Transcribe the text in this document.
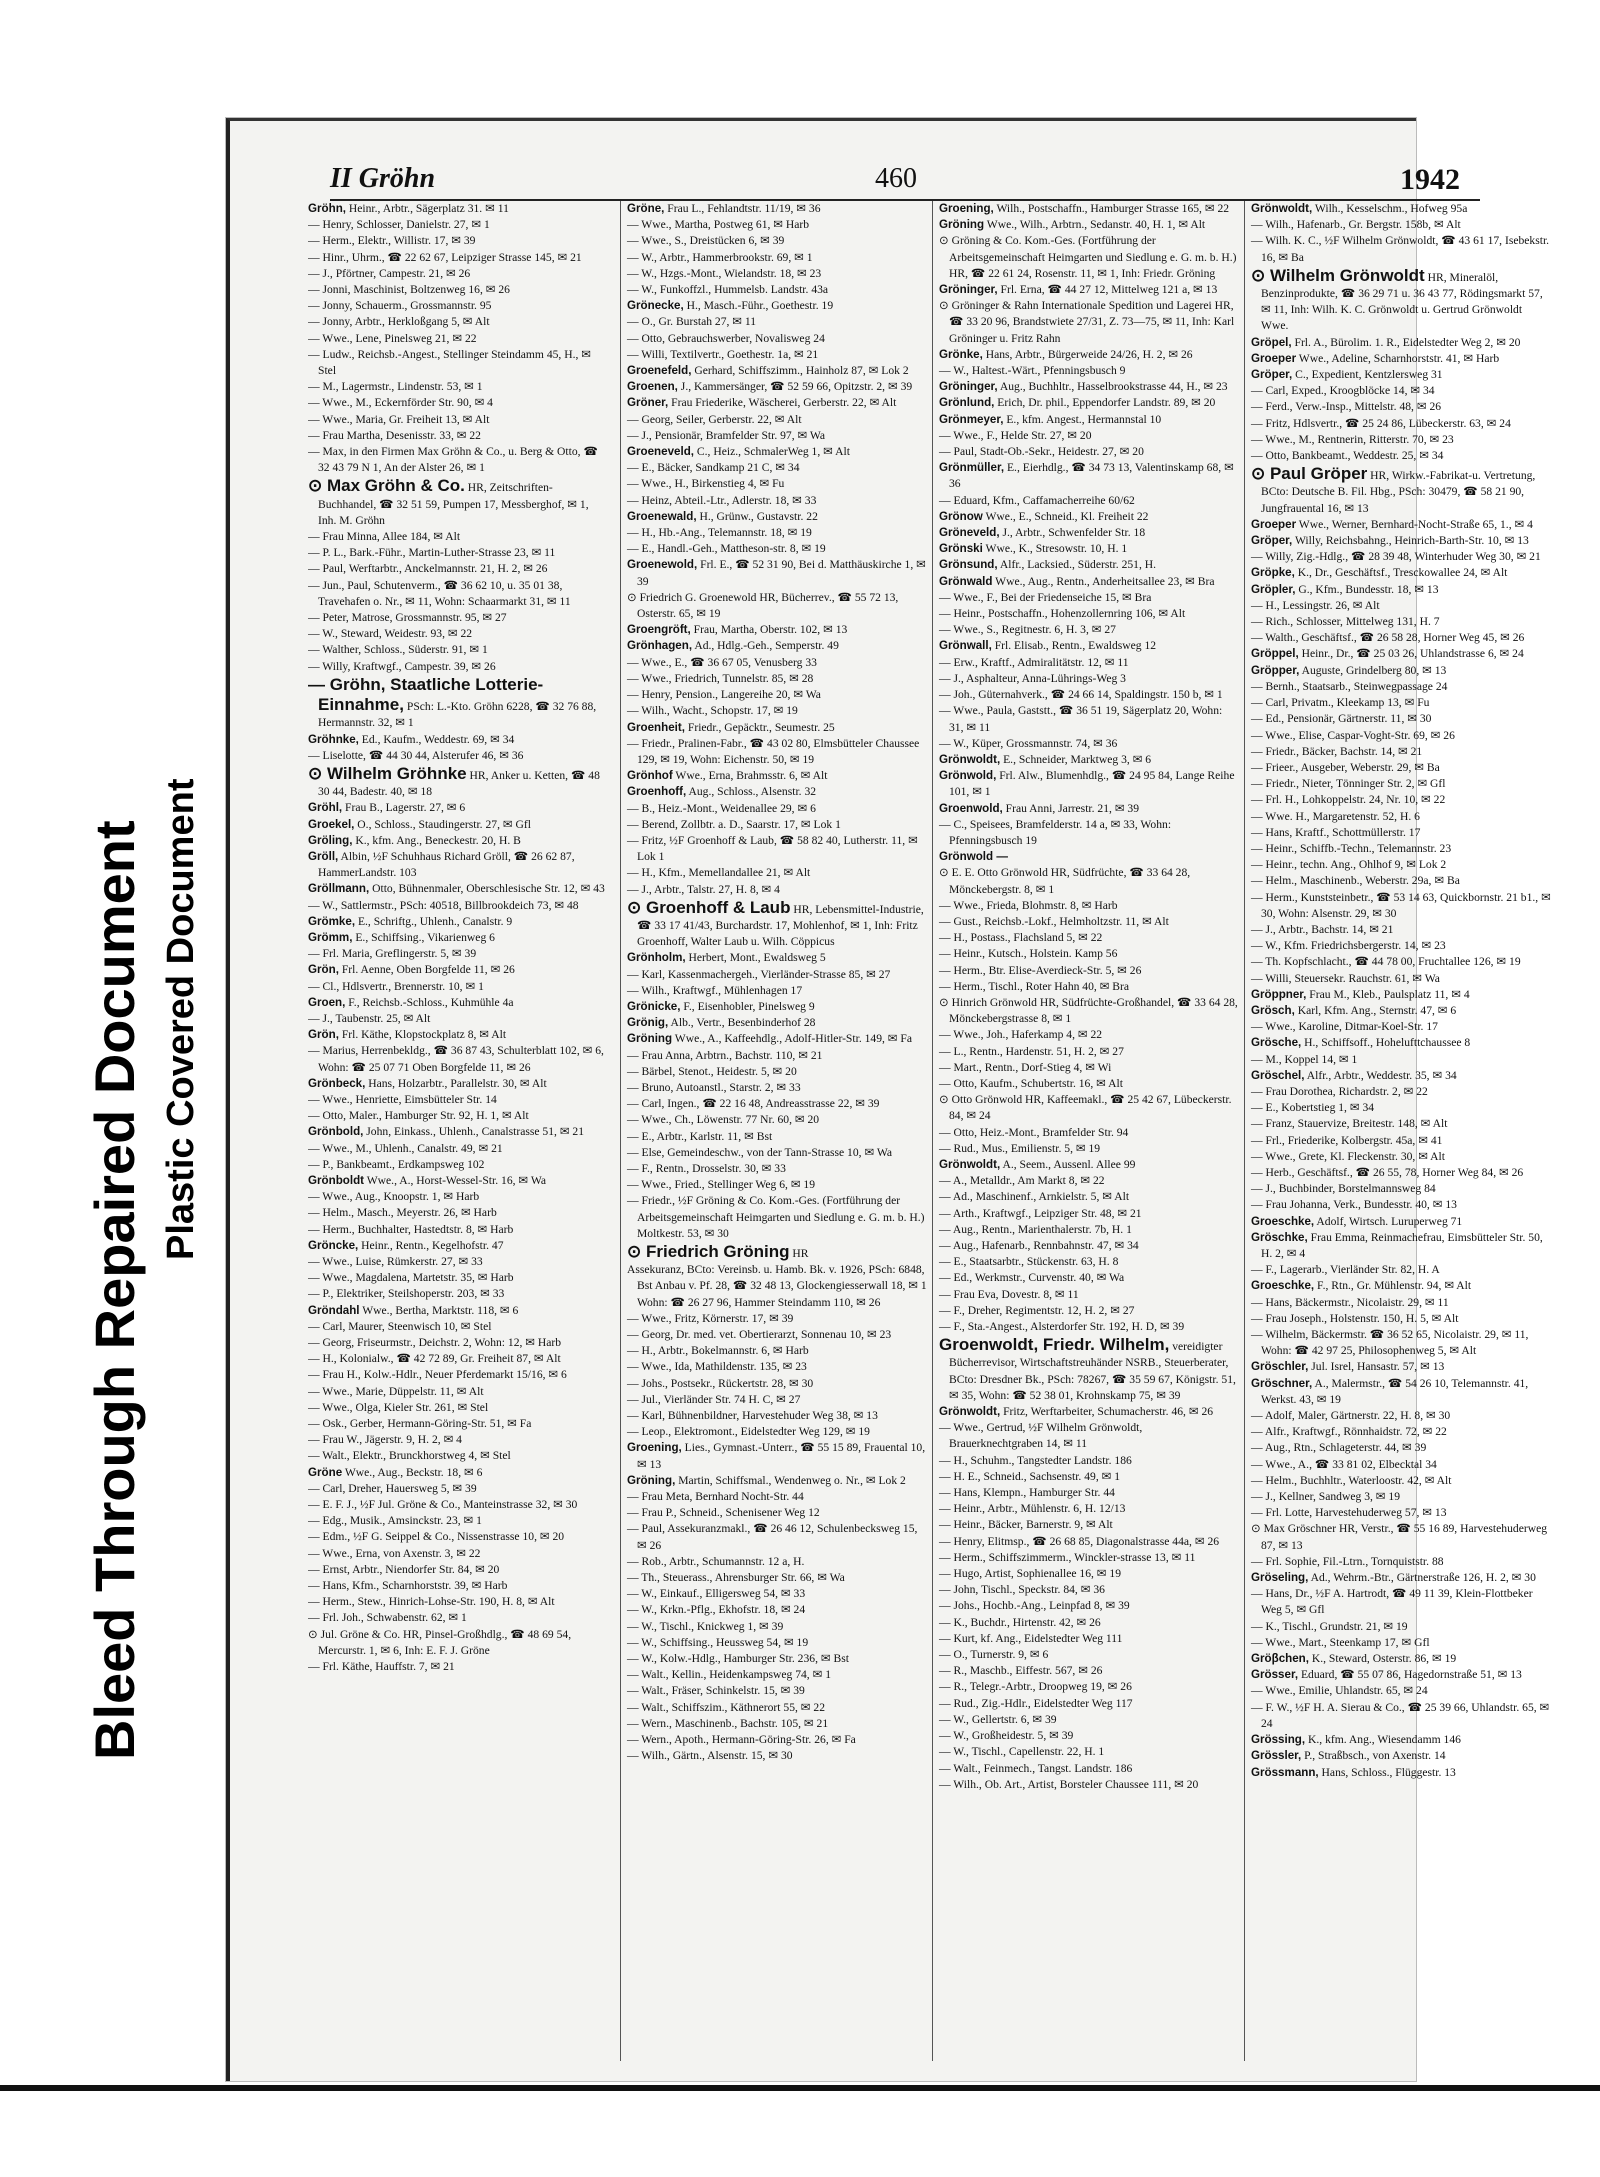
Bleed Through Repaired Document Plastic Covered Document
II Gröhn	460	1942

Gröhn, Heinr., Arbtr., Sägerplatz 31. ✉ 11

— Henry, Schlosser, Danielstr. 27, ✉ 1

— Herm., Elektr., Willistr. 17, ✉ 39

— Hinr., Uhrm., ☎ 22 62 67, Leipziger Strasse 145, ✉ 21

— J., Pförtner, Campestr. 21, ✉ 26

— Jonni, Maschinist, Boltzenweg 16, ✉ 26

— Jonny, Schauerm., Grossmannstr. 95

— Jonny, Arbtr., Herkloßgang 5, ✉ Alt

— Wwe., Lene, Pinelsweg 21, ✉ 22

— Ludw., Reichsb.-Angest., Stellinger Steindamm 45, H., ✉ Stel

— M., Lagermstr., Lindenstr. 53, ✉ 1

— Wwe., M., Eckernförder Str. 90, ✉ 4

— Wwe., Maria, Gr. Freiheit 13, ✉ Alt

— Frau Martha, Desenisstr. 33, ✉ 22

— Max, in den Firmen Max Gröhn & Co., u. Berg & Otto, ☎ 32 43 79 N 1, An der Alster 26, ✉ 1

⊙ Max Gröhn & Co. HR, Zeitschriften-Buchhandel, ☎ 32 51 59, Pumpen 17, Messberghof, ✉ 1, Inh. M. Gröhn

— Frau Minna, Allee 184, ✉ Alt

— P. L., Bark.-Führ., Martin-Luther-Strasse 23, ✉ 11

— Paul, Werftarbtr., Anckelmannstr. 21, H. 2, ✉ 26

— Jun., Paul, Schutenverm., ☎ 36 62 10, u. 35 01 38, Travehafen o. Nr., ✉ 11, Wohn: Schaarmarkt 31, ✉ 11

— Peter, Matrose, Grossmannstr. 95, ✉ 27

— W., Steward, Weidestr. 93, ✉ 22

— Walther, Schloss., Süderstr. 91, ✉ 1

— Willy, Kraftwgf., Campestr. 39, ✉ 26

— Gröhn, Staatliche Lotterie-Einnahme, PSch: L.-Kto. Gröhn 6228, ☎ 32 76 88, Hermannstr. 32, ✉ 1

Gröhnke, Ed., Kaufm., Weddestr. 69, ✉ 34

— Liselotte, ☎ 44 30 44, Alsterufer 46, ✉ 36

⊙ Wilhelm Gröhnke HR, Anker u. Ketten, ☎ 48 30 44, Badestr. 40, ✉ 18

Gröhl, Frau B., Lagerstr. 27, ✉ 6

Groekel, O., Schloss., Staudingerstr. 27, ✉ Gfl

Gröling, K., kfm. Ang., Beneckestr. 20, H. B

Gröll, Albin, ½F Schuhhaus Richard Gröll, ☎ 26 62 87, HammerLandstr. 103

Gröllmann, Otto, Bühnenmaler, Oberschlesische Str. 12, ✉ 43

— W., Sattlermstr., PSch: 40518, Billbrookdeich 73, ✉ 48

Grömke, E., Schriftg., Uhlenh., Canalstr. 9

Grömm, E., Schiffsing., Vikarienweg 6

— Frl. Maria, Greflingerstr. 5, ✉ 39

Grön, Frl. Aenne, Oben Borgfelde 11, ✉ 26

— Cl., Hdlsvertr., Brennerstr. 10, ✉ 1

Groen, F., Reichsb.-Schloss., Kuhmühle 4a

— J., Taubenstr. 25, ✉ Alt

Grön, Frl. Käthe, Klopstockplatz 8, ✉ Alt

— Marius, Herrenbekldg., ☎ 36 87 43, Schulterblatt 102, ✉ 6, Wohn: ☎ 25 07 71 Oben Borgfelde 11, ✉ 26

Grönbeck, Hans, Holzarbtr., Parallelstr. 30, ✉ Alt

— Wwe., Henriette, Eimsbütteler Str. 14

— Otto, Maler., Hamburger Str. 92, H. 1, ✉ Alt

Grönbold, John, Einkass., Uhlenh., Canalstrasse 51, ✉ 21

— Wwe., M., Uhlenh., Canalstr. 49, ✉ 21

— P., Bankbeamt., Erdkampsweg 102

Grönboldt Wwe., A., Horst-Wessel-Str. 16, ✉ Wa

— Wwe., Aug., Knoopstr. 1, ✉ Harb

— Helm., Masch., Meyerstr. 26, ✉ Harb

— Herm., Buchhalter, Hastedtstr. 8, ✉ Harb

Gröncke, Heinr., Rentn., Kegelhofstr. 47

— Wwe., Luise, Rümkerstr. 27, ✉ 33

— Wwe., Magdalena, Martetstr. 35, ✉ Harb

— P., Elektriker, Steilshoperstr. 203, ✉ 33

Gröndahl Wwe., Bertha, Marktstr. 118, ✉ 6

— Carl, Maurer, Steenwisch 10, ✉ Stel

— Georg, Friseurmstr., Deichstr. 2, Wohn: 12, ✉ Harb

— H., Kolonialw., ☎ 42 72 89, Gr. Freiheit 87, ✉ Alt

— Frau H., Kolw.-Hdlr., Neuer Pferdemarkt 15/16, ✉ 6

— Wwe., Marie, Düppelstr. 11, ✉ Alt

— Wwe., Olga, Kieler Str. 261, ✉ Stel

— Osk., Gerber, Hermann-Göring-Str. 51, ✉ Fa

— Frau W., Jägerstr. 9, H. 2, ✉ 4

— Walt., Elektr., Brunckhorstweg 4, ✉ Stel

Gröne Wwe., Aug., Beckstr. 18, ✉ 6

— Carl, Dreher, Hauersweg 5, ✉ 39

— E. F. J., ½F Jul. Gröne & Co., Manteinstrasse 32, ✉ 30

— Edg., Musik., Amsinckstr. 23, ✉ 1

— Edm., ½F G. Seippel & Co., Nissenstrasse 10, ✉ 20

— Wwe., Erna, von Axenstr. 3, ✉ 22

— Ernst, Arbtr., Niendorfer Str. 84, ✉ 20

— Hans, Kfm., Scharnhorststr. 39, ✉ Harb

— Herm., Stew., Hinrich-Lohse-Str. 190, H. 8, ✉ Alt

— Frl. Joh., Schwabenstr. 62, ✉ 1

⊙ Jul. Gröne & Co. HR, Pinsel-Großhdlg., ☎ 48 69 54, Mercurstr. 1, ✉ 6, Inh: E. F. J. Gröne

— Frl. Käthe, Hauffstr. 7, ✉ 21

Gröne, Frau L., Fehlandtstr. 11/19, ✉ 36

— Wwe., Martha, Postweg 61, ✉ Harb

— Wwe., S., Dreistücken 6, ✉ 39

— W., Arbtr., Hammerbrookstr. 69, ✉ 1

— W., Hzgs.-Mont., Wielandstr. 18, ✉ 23

— W., Funkoffzl., Hummelsb. Landstr. 43a

Grönecke, H., Masch.-Führ., Goethestr. 19

— O., Gr. Burstah 27, ✉ 11

— Otto, Gebrauchswerber, Novalisweg 24

— Willi, Textilvertr., Goethestr. 1a, ✉ 21

Groenefeld, Gerhard, Schiffszimm., Hainholz 87, ✉ Lok 2

Groenen, J., Kammersänger, ☎ 52 59 66, Opitzstr. 2, ✉ 39

Gröner, Frau Friederike, Wäscherei, Gerberstr. 22, ✉ Alt

— Georg, Seiler, Gerberstr. 22, ✉ Alt

— J., Pensionär, Bramfelder Str. 97, ✉ Wa

Groeneveld, C., Heiz., SchmalerWeg 1, ✉ Alt

— E., Bäcker, Sandkamp 21 C, ✉ 34

— Wwe., H., Birkenstieg 4, ✉ Fu

— Heinz, Abteil.-Ltr., Adlerstr. 18, ✉ 33

Groenewald, H., Grünw., Gustavstr. 22

— H., Hb.-Ang., Telemannstr. 18, ✉ 19

— E., Handl.-Geh., Mattheson-str. 8, ✉ 19

Groenewold, Frl. E., ☎ 52 31 90, Bei d. Matthäuskirche 1, ✉ 39

⊙ Friedrich G. Groenewold HR, Bücherrev., ☎ 55 72 13, Osterstr. 65, ✉ 19

Groengröft, Frau, Martha, Oberstr. 102, ✉ 13

Grönhagen, Ad., Hdlg.-Geh., Semperstr. 49

— Wwe., E., ☎ 36 67 05, Venusberg 33

— Wwe., Friedrich, Tunnelstr. 85, ✉ 28

— Henry, Pension., Langereihe 20, ✉ Wa

— Wilh., Wacht., Schopstr. 17, ✉ 19

Groenheit, Friedr., Gepäcktr., Seumestr. 25

— Friedr., Pralinen-Fabr., ☎ 43 02 80, Elmsbütteler Chaussee 129, ✉ 19, Wohn: Eichenstr. 50, ✉ 19

Grönhof Wwe., Erna, Brahmsstr. 6, ✉ Alt

Groenhoff, Aug., Schloss., Alsenstr. 32

— B., Heiz.-Mont., Weidenallee 29, ✉ 6

— Berend, Zollbtr. a. D., Saarstr. 17, ✉ Lok 1

— Fritz, ½F Groenhoff & Laub, ☎ 58 82 40, Lutherstr. 11, ✉ Lok 1

— H., Kfm., Memellandallee 21, ✉ Alt

— J., Arbtr., Talstr. 27, H. 8, ✉ 4

⊙ Groenhoff & Laub HR, Lebensmittel-Industrie, ☎ 33 17 41/43, Burchardstr. 17, Mohlenhof, ✉ 1, Inh: Fritz Groenhoff, Walter Laub u. Wilh. Cöppicus

Grönholm, Herbert, Mont., Ewaldsweg 5

— Karl, Kassenmachergeh., Vierländer-Strasse 85, ✉ 27

— Wilh., Kraftwgf., Mühlenhagen 17

Grönicke, F., Eisenhobler, Pinelsweg 9

Grönig, Alb., Vertr., Besenbinderhof 28

Gröning Wwe., A., Kaffeehdlg., Adolf-Hitler-Str. 149, ✉ Fa

— Frau Anna, Arbtrn., Bachstr. 110, ✉ 21

— Bärbel, Stenot., Heidestr. 5, ✉ 20

— Bruno, Autoanstl., Starstr. 2, ✉ 33

— Carl, Ingen., ☎ 22 16 48, Andreasstrasse 22, ✉ 39

— Wwe., Ch., Löwenstr. 77 Nr. 60, ✉ 20

— E., Arbtr., Karlstr. 11, ✉ Bst

— Else, Gemeindeschw., von der Tann-Strasse 10, ✉ Wa

— F., Rentn., Drosselstr. 30, ✉ 33

— Wwe., Fried., Stellinger Weg 6, ✉ 19

— Friedr., ½F Gröning & Co. Kom.-Ges. (Fortführung der Arbeitsgemeinschaft Heimgarten und Siedlung e. G. m. b. H.) Moltkestr. 53, ✉ 30

⊙ Friedrich Gröning HR

Assekuranz, BCto: Vereinsb. u. Hamb. Bk. v. 1926, PSch: 6848, Bst Anbau v. Pf. 28, ☎ 32 48 13, Glockengiesserwall 18, ✉ 1 Wohn: ☎ 26 27 96, Hammer Steindamm 110, ✉ 26

— Wwe., Fritz, Körnerstr. 17, ✉ 39

— Georg, Dr. med. vet. Obertierarzt, Sonnenau 10, ✉ 23

— H., Arbtr., Bokelmannstr. 6, ✉ Harb

— Wwe., Ida, Mathildenstr. 135, ✉ 23

— Johs., Postsekr., Rückertstr. 28, ✉ 30

— Jul., Vierländer Str. 74 H. C, ✉ 27

— Karl, Bühnenbildner, Harvestehuder Weg 38, ✉ 13

— Leop., Elektromont., Eidelstedter Weg 129, ✉ 19

Groening, Lies., Gymnast.-Unterr., ☎ 55 15 89, Frauental 10, ✉ 13

Gröning, Martin, Schiffsmal., Wendenweg o. Nr., ✉ Lok 2

— Frau Meta, Bernhard Nocht-Str. 44

— Frau P., Schneid., Schenisener Weg 12

— Paul, Assekuranzmakl., ☎ 26 46 12, Schulenbecksweg 15, ✉ 26

— Rob., Arbtr., Schumannstr. 12 a, H.

— Th., Steuerass., Ahrensburger Str. 66, ✉ Wa

— W., Einkauf., Elligersweg 54, ✉ 33

— W., Krkn.-Pflg., Ekhofstr. 18, ✉ 24

— W., Tischl., Knickweg 1, ✉ 39

— W., Schiffsing., Heussweg 54, ✉ 19

— W., Kolw.-Hdlg., Hamburger Str. 236, ✉ Bst

— Walt., Kellin., Heidenkampsweg 74, ✉ 1

— Walt., Fräser, Schinkelstr. 15, ✉ 39

— Walt., Schiffszim., Käthnerort 55, ✉ 22

— Wern., Maschinenb., Bachstr. 105, ✉ 21

— Wern., Apoth., Hermann-Göring-Str. 26, ✉ Fa

— Wilh., Gärtn., Alsenstr. 15, ✉ 30

Groening, Wilh., Postschaffn., Hamburger Strasse 165, ✉ 22

Gröning Wwe., Wilh., Arbtrn., Sedanstr. 40, H. 1, ✉ Alt

⊙ Gröning & Co. Kom.-Ges. (Fortführung der Arbeitsgemeinschaft Heimgarten und Siedlung e. G. m. b. H.) HR, ☎ 22 61 24, Rosenstr. 11, ✉ 1, Inh: Friedr. Gröning

Gröninger, Frl. Erna, ☎ 44 27 12, Mittelweg 121 a, ✉ 13

⊙ Gröninger & Rahn Internationale Spedition und Lagerei HR, ☎ 33 20 96, Brandstwiete 27/31, Z. 73—75, ✉ 11, Inh: Karl Gröninger u. Fritz Rahn

Grönke, Hans, Arbtr., Bürgerweide 24/26, H. 2, ✉ 26

— W., Haltest.-Wärt., Pfenningsbusch 9

Gröninger, Aug., Buchhltr., Hasselbrookstrasse 44, H., ✉ 23

Grönlund, Erich, Dr. phil., Eppendorfer Landstr. 89, ✉ 20

Grönmeyer, E., kfm. Angest., Hermannstal 10

— Wwe., F., Helde Str. 27, ✉ 20

— Paul, Stadt-Ob.-Sekr., Heidestr. 27, ✉ 20

Grönmüller, E., Eierhdlg., ☎ 34 73 13, Valentinskamp 68, ✉ 36

— Eduard, Kfm., Caffamacherreihe 60/62

Grönow Wwe., E., Schneid., Kl. Freiheit 22

Gröneveld, J., Arbtr., Schwenfelder Str. 18

Grönski Wwe., K., Stresowstr. 10, H. 1

Grönsund, Alfr., Lacksied., Süderstr. 251, H.

Grönwald Wwe., Aug., Rentn., Anderheitsallee 23, ✉ Bra

— Wwe., F., Bei der Friedenseiche 15, ✉ Bra

— Heinr., Postschaffn., Hohenzollernring 106, ✉ Alt

— Wwe., S., Regitnestr. 6, H. 3, ✉ 27

Grönwall, Frl. Elisab., Rentn., Ewaldsweg 12

— Erw., Kraftf., Admiralitätstr. 12, ✉ 11

— J., Asphalteur, Anna-Lührings-Weg 3

— Joh., Güternahverk., ☎ 24 66 14, Spaldingstr. 150 b, ✉ 1

— Wwe., Paula, Gaststt., ☎ 36 51 19, Sägerplatz 20, Wohn: 31, ✉ 11

— W., Küper, Grossmannstr. 74, ✉ 36

Grönwoldt, E., Schneider, Marktweg 3, ✉ 6

Grönwold, Frl. Alw., Blumenhdlg., ☎ 24 95 84, Lange Reihe 101, ✉ 1

Groenwold, Frau Anni, Jarrestr. 21, ✉ 39

— C., Speisees, Bramfelderstr. 14 a, ✉ 33, Wohn: Pfenningsbusch 19

Grönwold —

⊙ E. E. Otto Grönwold HR, Südfrüchte, ☎ 33 64 28, Mönckebergstr. 8, ✉ 1

— Wwe., Frieda, Blohmstr. 8, ✉ Harb

— Gust., Reichsb.-Lokf., Helmholtzstr. 11, ✉ Alt

— H., Postass., Flachsland 5, ✉ 22

— Heinr., Kutsch., Holstein. Kamp 56

— Herm., Btr. Elise-Averdieck-Str. 5, ✉ 26

— Herm., Tischl., Roter Hahn 40, ✉ Bra

⊙ Hinrich Grönwold HR, Südfrüchte-Großhandel, ☎ 33 64 28, Mönckebergstrasse 8, ✉ 1

— Wwe., Joh., Haferkamp 4, ✉ 22

— L., Rentn., Hardenstr. 51, H. 2, ✉ 27

— Mart., Rentn., Dorf-Stieg 4, ✉ Wi

— Otto, Kaufm., Schubertstr. 16, ✉ Alt

⊙ Otto Grönwold HR, Kaffeemakl., ☎ 25 42 67, Lübeckerstr. 84, ✉ 24

— Otto, Heiz.-Mont., Bramfelder Str. 94

— Rud., Mus., Emilienstr. 5, ✉ 19

Grönwoldt, A., Seem., Aussenl. Allee 99

— A., Metalldr., Am Markt 8, ✉ 22

— Ad., Maschinenf., Arnkielstr. 5, ✉ Alt

— Arth., Kraftwgf., Leipziger Str. 48, ✉ 21

— Aug., Rentn., Marienthalerstr. 7b, H. 1

— Aug., Hafenarb., Rennbahnstr. 47, ✉ 34

— E., Staatsarbtr., Stückenstr. 63, H. 8

— Ed., Werkmstr., Curvenstr. 40, ✉ Wa

— Frau Eva, Dovestr. 8, ✉ 11

— F., Dreher, Regimentstr. 12, H. 2, ✉ 27

— F., Sta.-Angest., Alsterdorfer Str. 192, H. D, ✉ 39

Groenwoldt, Friedr. Wilhelm, vereidigter Bücherrevisor, Wirtschaftstreuhänder NSRB., Steuerberater, BCto: Dresdner Bk., PSch: 78267, ☎ 35 59 67, Königstr. 51, ✉ 35, Wohn: ☎ 52 38 01, Krohnskamp 75, ✉ 39

Grönwoldt, Fritz, Werftarbeiter, Schumacherstr. 46, ✉ 26

— Wwe., Gertrud, ½F Wilhelm Grönwoldt, Brauerknechtgraben 14, ✉ 11

— H., Schuhm., Tangstedter Landstr. 186

— H. E., Schneid., Sachsenstr. 49, ✉ 1

— Hans, Klempn., Hamburger Str. 44

— Heinr., Arbtr., Mühlenstr. 6, H. 12/13

— Heinr., Bäcker, Barnerstr. 9, ✉ Alt

— Henry, Elitmsp., ☎ 26 68 85, Diagonalstrasse 44a, ✉ 26

— Herm., Schiffszimmerm., Winckler-strasse 13, ✉ 11

— Hugo, Artist, Sophienallee 16, ✉ 19

— John, Tischl., Speckstr. 84, ✉ 36

— Johs., Hochb.-Ang., Leinpfad 8, ✉ 39

— K., Buchdr., Hirtenstr. 42, ✉ 26

— Kurt, kf. Ang., Eidelstedter Weg 111

— O., Turnerstr. 9, ✉ 6

— R., Maschb., Eiffestr. 567, ✉ 26

— R., Telegr.-Arbtr., Droopweg 19, ✉ 26

— Rud., Zig.-Hdlr., Eidelstedter Weg 117

— W., Gellertstr. 6, ✉ 39

— W., Großheidestr. 5, ✉ 39

— W., Tischl., Capellenstr. 22, H. 1

— Walt., Feinmech., Tangst. Landstr. 186

— Wilh., Ob. Art., Artist, Borsteler Chaussee 111, ✉ 20

Grönwoldt, Wilh., Kesselschm., Hofweg 95a

— Wilh., Hafenarb., Gr. Bergstr. 158b, ✉ Alt

— Wilh. K. C., ½F Wilhelm Grönwoldt, ☎ 43 61 17, Isebekstr. 16, ✉ Ba

⊙ Wilhelm Grönwoldt HR, Mineralöl, Benzinprodukte, ☎ 36 29 71 u. 36 43 77, Rödingsmarkt 57, ✉ 11, Inh: Wilh. K. C. Grönwoldt u. Gertrud Grönwoldt Wwe.

Gröpel, Frl. A., Bürolim. 1. R., Eidelstedter Weg 2, ✉ 20

Groeper Wwe., Adeline, Scharnhorststr. 41, ✉ Harb

Gröper, C., Expedient, Kentzlersweg 31

— Carl, Exped., Kroogblöcke 14, ✉ 34

— Ferd., Verw.-Insp., Mittelstr. 48, ✉ 26

— Fritz, Hdlsvertr., ☎ 25 24 86, Lübeckerstr. 63, ✉ 24

— Wwe., M., Rentnerin, Ritterstr. 70, ✉ 23

— Otto, Bankbeamt., Weddestr. 25, ✉ 34

⊙ Paul Gröper HR, Wirkw.-Fabrikat-u. Vertretung, BCto: Deutsche B. Fil. Hbg., PSch: 30479, ☎ 58 21 90, Jungfrauental 16, ✉ 13

Groeper Wwe., Werner, Bernhard-Nocht-Straße 65, 1., ✉ 4

Gröper, Willy, Reichsbahng., Heinrich-Barth-Str. 10, ✉ 13

— Willy, Zig.-Hdlg., ☎ 28 39 48, Winterhuder Weg 30, ✉ 21

Gröpke, K., Dr., Geschäftsf., Tresckowallee 24, ✉ Alt

Gröpler, G., Kfm., Bundesstr. 18, ✉ 13

— H., Lessingstr. 26, ✉ Alt

— Rich., Schlosser, Mittelweg 131, H. 7

— Walth., Geschäftsf., ☎ 26 58 28, Horner Weg 45, ✉ 26

Gröppel, Heinr., Dr., ☎ 25 03 26, Uhlandstrasse 6, ✉ 24

Gröpper, Auguste, Grindelberg 80, ✉ 13

— Bernh., Staatsarb., Steinwegpassage 24

— Carl, Privatm., Kleekamp 13, ✉ Fu

— Ed., Pensionär, Gärtnerstr. 11, ✉ 30

— Wwe., Elise, Caspar-Voght-Str. 69, ✉ 26

— Friedr., Bäcker, Bachstr. 14, ✉ 21

— Frieer., Ausgeber, Weberstr. 29, ✉ Ba

— Friedr., Nieter, Tönninger Str. 2, ✉ Gfl

— Frl. H., Lohkoppelstr. 24, Nr. 10, ✉ 22

— Wwe. H., Margaretenstr. 52, H. 6

— Hans, Kraftf., Schottmüllerstr. 17

— Heinr., Schiffb.-Techn., Telemannstr. 23

— Heinr., techn. Ang., Ohlhof 9, ✉ Lok 2

— Helm., Maschinenb., Weberstr. 29a, ✉ Ba

— Herm., Kunststeinbetr., ☎ 53 14 63, Quickbornstr. 21 b1., ✉ 30, Wohn: Alsenstr. 29, ✉ 30

— J., Arbtr., Bachstr. 14, ✉ 21

— W., Kfm. Friedrichsbergerstr. 14, ✉ 23

— Th. Kopfschlacht., ☎ 44 78 00, Fruchtallee 126, ✉ 19

— Willi, Steuersekr. Rauchstr. 61, ✉ Wa

Gröppner, Frau M., Kleb., Paulsplatz 11, ✉ 4

Grösch, Karl, Kfm. Ang., Sternstr. 47, ✉ 6

— Wwe., Karoline, Ditmar-Koel-Str. 17

Grösche, H., Schiffsoff., Hohelufttchaussee 8

— M., Koppel 14, ✉ 1

Gröschel, Alfr., Arbtr., Weddestr. 35, ✉ 34

— Frau Dorothea, Richardstr. 2, ✉ 22

— E., Kobertstieg 1, ✉ 34

— Franz, Stauervize, Breitestr. 148, ✉ Alt

— Frl., Friederike, Kolbergstr. 45a, ✉ 41

— Wwe., Grete, Kl. Fleckenstr. 30, ✉ Alt

— Herb., Geschäftsf., ☎ 26 55, 78, Horner Weg 84, ✉ 26

— J., Buchbinder, Borstelmannsweg 84

— Frau Johanna, Verk., Bundesstr. 40, ✉ 13

Groeschke, Adolf, Wirtsch. Luruperweg 71

Gröschke, Frau Emma, Reinmachefrau, Eimsbütteler Str. 50, H. 2, ✉ 4

— F., Lagerarb., Vierländer Str. 82, H. A

Groeschke, F., Rtn., Gr. Mühlenstr. 94, ✉ Alt

— Hans, Bäckermstr., Nicolaistr. 29, ✉ 11

— Frau Joseph., Holstenstr. 150, H. 5, ✉ Alt

— Wilhelm, Bäckermstr. ☎ 36 52 65, Nicolaistr. 29, ✉ 11, Wohn: ☎ 42 97 25, Philosophenweg 5, ✉ Alt

Gröschler, Jul. Isrel, Hansastr. 57, ✉ 13

Gröschner, A., Malermstr., ☎ 54 26 10, Telemannstr. 41, Werkst. 43, ✉ 19

— Adolf, Maler, Gärtnerstr. 22, H. 8, ✉ 30

— Alfr., Kraftwgf., Rönnhaidstr. 72, ✉ 22

— Aug., Rtn., Schlageterstr. 44, ✉ 39

— Wwe., A., ☎ 33 81 02, Elbecktal 34

— Helm., Buchhltr., Waterloostr. 42, ✉ Alt

— J., Kellner, Sandweg 3, ✉ 19

— Frl. Lotte, Harvestehuderweg 57, ✉ 13

⊙ Max Gröschner HR, Verstr., ☎ 55 16 89, Harvestehuderweg 87, ✉ 13

— Frl. Sophie, Fil.-Ltrn., Tornquiststr. 88

Gröseling, Ad., Wehrm.-Btr., Gärtnerstraße 126, H. 2, ✉ 30

— Hans, Dr., ½F A. Hartrodt, ☎ 49 11 39, Klein-Flottbeker Weg 5, ✉ Gfl

— K., Tischl., Grundstr. 21, ✉ 19

— Wwe., Mart., Steenkamp 17, ✉ Gfl

Gröβchen, K., Steward, Osterstr. 86, ✉ 19

Grösser, Eduard, ☎ 55 07 86, Hagedornstraße 51, ✉ 13

— Wwe., Emilie, Uhlandstr. 65, ✉ 24

— F. W., ½F H. A. Sierau & Co., ☎ 25 39 66, Uhlandstr. 65, ✉ 24

Grössing, K., kfm. Ang., Wiesendamm 146

Grössler, P., Straßbsch., von Axenstr. 14

Grössmann, Hans, Schloss., Flüggestr. 13
